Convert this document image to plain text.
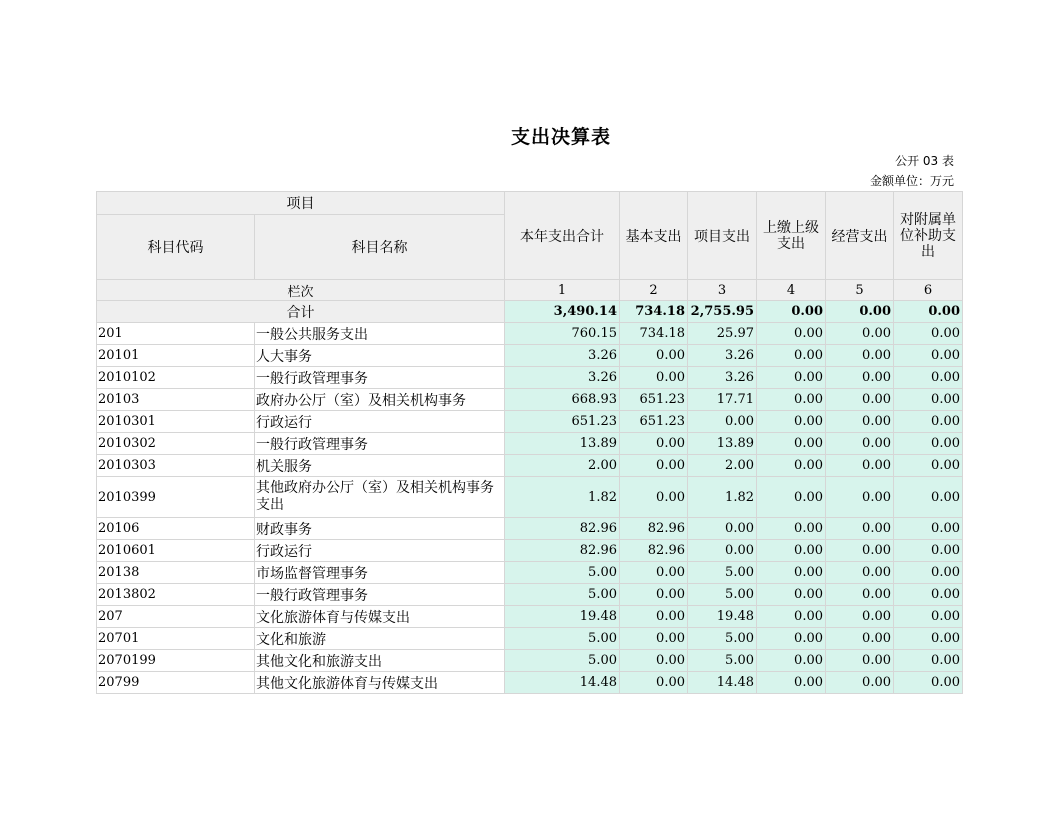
支出决算表
公开 03 表
金额单位：万元
项目		本年支出合计	基本支出	项目支出	上缴上级支出	经营支出	对附属单位补助支出
科目代码	科目名称						
栏次		1	2	3	4	5	6
合计		3,490.14	734.18	2,755.95	0.00	0.00	0.00
201	一般公共服务支出	760.15	734.18	25.97	0.00	0.00	0.00
20101	人大事务	3.26	0.00	3.26	0.00	0.00	0.00
2010102	一般行政管理事务	3.26	0.00	3.26	0.00	0.00	0.00
20103	政府办公厅（室）及相关机构事务	668.93	651.23	17.71	0.00	0.00	0.00
2010301	行政运行	651.23	651.23	0.00	0.00	0.00	0.00
2010302	一般行政管理事务	13.89	0.00	13.89	0.00	0.00	0.00
2010303	机关服务	2.00	0.00	2.00	0.00	0.00	0.00
2010399	其他政府办公厅（室）及相关机构事务支出	1.82	0.00	1.82	0.00	0.00	0.00
20106	财政事务	82.96	82.96	0.00	0.00	0.00	0.00
2010601	行政运行	82.96	82.96	0.00	0.00	0.00	0.00
20138	市场监督管理事务	5.00	0.00	5.00	0.00	0.00	0.00
2013802	一般行政管理事务	5.00	0.00	5.00	0.00	0.00	0.00
207	文化旅游体育与传媒支出	19.48	0.00	19.48	0.00	0.00	0.00
20701	文化和旅游	5.00	0.00	5.00	0.00	0.00	0.00
2070199	其他文化和旅游支出	5.00	0.00	5.00	0.00	0.00	0.00
20799	其他文化旅游体育与传媒支出	14.48	0.00	14.48	0.00	0.00	0.00
